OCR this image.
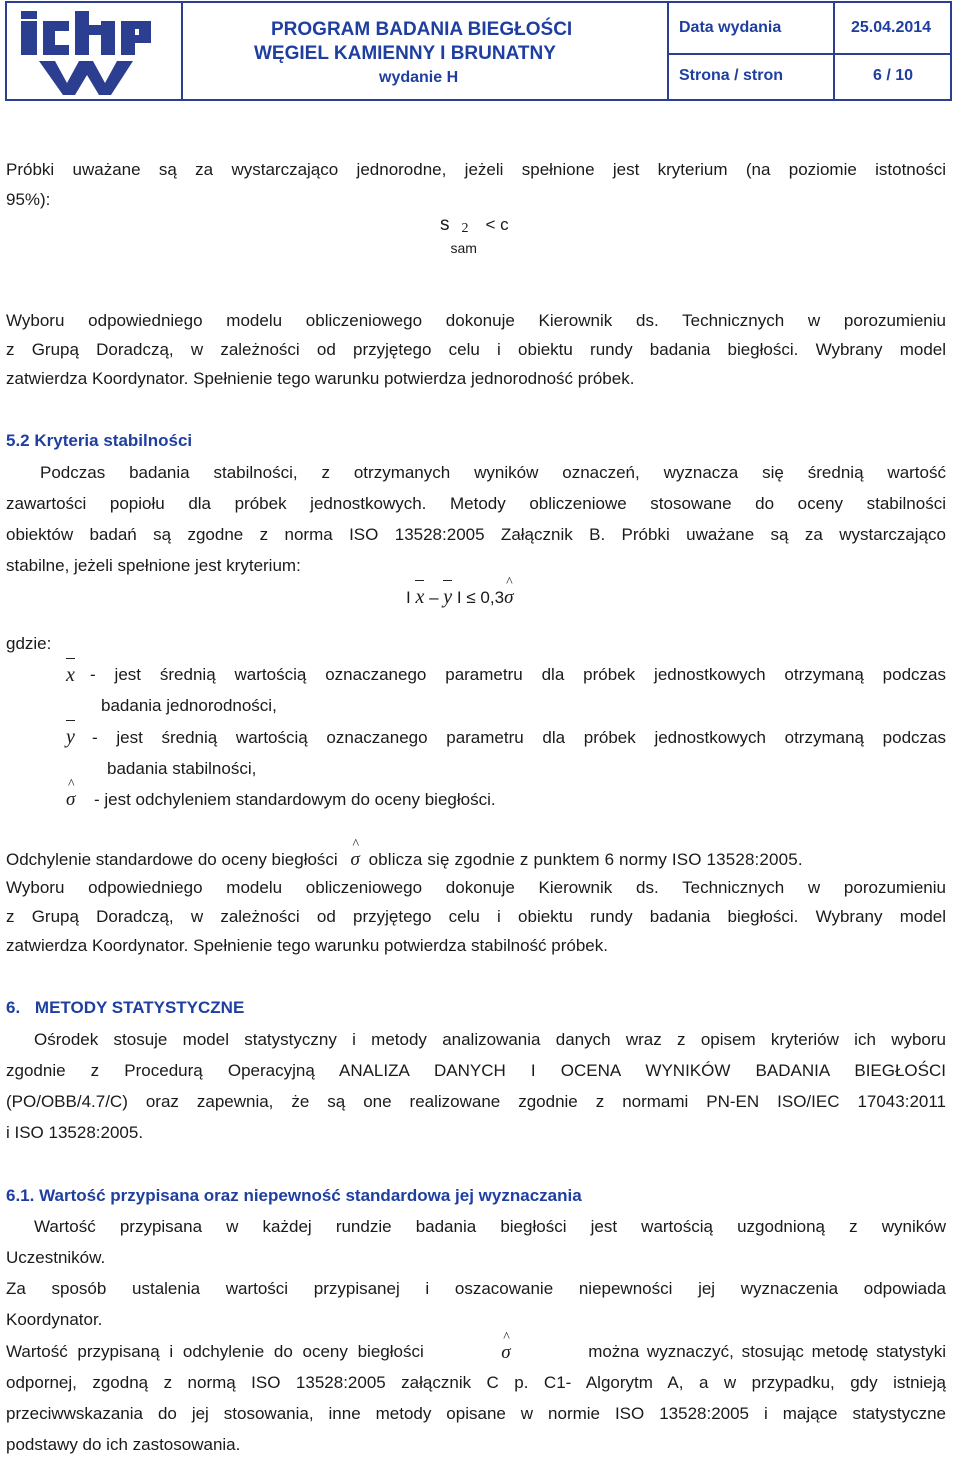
PROGRAM BADANIA BIEGŁOŚCI
WĘGIEL KAMIENNY I BRUNATNY
wydanie H
Data wydania
Strona / stron
25.04.2014
6 / 10
Próbki uważane są za wystarczająco jednorodne, jeżeli spełnione jest kryterium (na poziomie istotności
95%):
s 2
sam
< c
Wyboru odpowiedniego modelu obliczeniowego dokonuje Kierownik ds. Technicznych w porozumieniu
z Grupą Doradczą, w zależności od przyjętego celu i obiektu rundy badania biegłości. Wybrany model
zatwierdza Koordynator. Spełnienie tego warunku potwierdza jednorodność próbek.
5.2 Kryteria stabilności
Podczas badania stabilności, z otrzymanych wyników oznaczeń, wyznacza się średnią wartość
zawartości popiołu dla próbek jednostkowych. Metody obliczeniowe stosowane do oceny stabilności
obiektów badań są zgodne z norma ISO 13528:2005 Załącznik B. Próbki uważane są za wystarczająco
stabilne, jeżeli spełnione jest kryterium:
I x – y I ≤ 0,3^ σ
gdzie:
x - jest średnią wartością oznaczanego parametru dla próbek jednostkowych otrzymaną podczas
badania jednorodności,
y - jest średnią wartością oznaczanego parametru dla próbek jednostkowych otrzymaną podczas
badania stabilności,
^ σ - jest odchyleniem standardowym do oceny biegłości.
Odchylenie standardowe do oceny biegłości ^ σ oblicza się zgodnie z punktem 6 normy ISO 13528:2005.
Wyboru odpowiedniego modelu obliczeniowego dokonuje Kierownik ds. Technicznych w porozumieniu
z Grupą Doradczą, w zależności od przyjętego celu i obiektu rundy badania biegłości. Wybrany model
zatwierdza Koordynator. Spełnienie tego warunku potwierdza stabilność próbek.
6. METODY STATYSTYCZNE
Ośrodek stosuje model statystyczny i metody analizowania danych wraz z opisem kryteriów ich wyboru
zgodnie z Procedurą Operacyjną ANALIZA DANYCH I OCENA WYNIKÓW BADANIA BIEGŁOŚCI
(PO/OBB/4.7/C) oraz zapewnia, że są one realizowane zgodnie z normami PN-EN ISO/IEC 17043:2011
i ISO 13528:2005.
6.1. Wartość przypisana oraz niepewność standardowa jej wyznaczania
Wartość przypisana w każdej rundzie badania biegłości jest wartością uzgodnioną z wyników
Uczestników.
Za sposób ustalenia wartości przypisanej i oszacowanie niepewności jej wyznaczenia odpowiada
Koordynator.
Wartość przypisaną i odchylenie do oceny biegłości	^ σ	można wyznaczyć, stosując metodę statystyki
odpornej, zgodną z normą ISO 13528:2005 załącznik C p. C1- Algorytm A, a w przypadku, gdy istnieją
przeciwwskazania do jej stosowania, inne metody opisane w normie ISO 13528:2005 i mające statystyczne
podstawy do ich zastosowania.
